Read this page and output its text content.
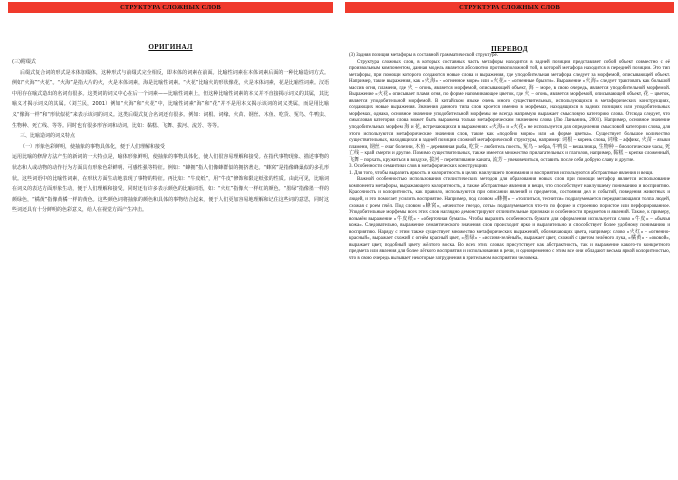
СТРУКТУРА СЛОЖНЫХ СЛОВ
ОРИГИНАЛ

(三)附缀式

后缀式复合词的形式是本体加缀体，这种形式与前缀式完全相反，即本体的词素在前面。比喻性词素在本体词素后面的一种比喻造词方式。例如“火海”“火花”。“火海”是指大片的火，火是本体词素，海是比喻性词素。“火花”比喻火的形状像花，火是本体词素，花是比喻性词素。汉语中用存在喻式造出的名词有很多。这类词的词义中心在后一个词素——比喻性词素上，但这种比喻性词素的本义并不直接揭示词义的其属，其比喻义才揭示词义的其属。（刘兰民，2001）例如“火海”和“火花”中，比喻性词素“海”和“花”并不是用本义揭示该词的词义类属，而是用比喻义“像海一样”和“形状似花”来表示该词的词义。这类后缀式复合名词还有很多。例如：词根、词缘、火苗、钢丝、木鱼、吃货、冤鸟、牛鸭虫、生物种、死亡线、等等。同时也有很多形容词和动词，比如：黏糕、飞舞、拔河、流芳、等等。

三、比喻造词的词义特点

（一）形象色彩鲜明，使抽象的事物具体化，便于人们理解和接受

运用比喻的修辞方法产生的新词的一大特点是，喻体形象鲜明，使抽象的事物具体化，使人们很容易理解和接受。在指代事物现象、描述事物的状态和人或动物的动作行为方面具有形象色彩鲜明、可感性强等特征。例如：“蜂拥”指人们像蜂群似的拥挤著走。“蜂窝”是指像蜂巢似的多孔形状。这些词语中的比喻性词素，在形状方面生动地表现了事物的特征。再比如：“牛皮纸”，用“牛皮”修饰和限定纸张的性质。由此可见，比喻词在词义的表达方面形象生动，便于人们理解和接受。同时还有许多表示颜色的比喻词语，如：“火红”指像火一样红的颜色。“墨绿”指像墨一样的颜绿色，“橘黄”指像黄橘一样的黄色。这些颜色词将抽象的颜色和具体的事物结合起来，便于人们更加容易地理解和记住这些词的意思，同时这些词还具有十分鲜明的色彩意义，给人在视觉方面产生冲击。

СТРУКТУРА СЛОЖНЫХ СЛОВ
ПЕРЕВОД

(3) Задняя позиция метафоры в составной грамматической структуре.

Структура сложных слов, в которых составных часть метафоры находится в задней позиции представляет собой объект совместно с её произвольным компонентом, данная модель является абсолютно противоположной той, в которой метафора находится в передней позиции. Это тип метафоры, при помощи которого создаются новые слова и выражения, где уподобительная метафора следует за морфемой, описывающей объект. Например, такие выражения, как «火海» - «огненное море» или «火花» - «огненные брызги». Выражение «火海» следует трактовать как большой массив огня, пламени, где 火 – огонь, является морфемой, описывающей объект, 海 – море, в свою очередь, является уподобительной морфемой. Выражение «火花» описывает пламя огня, по форме напоминающее цветок, где 火 – огонь, является морфемой, описывающей объект, 花 – цветок, является уподобительной морфемой. В китайском языке очень много существительных, использующихся в метафорических конструкциях, создающих новые выражения. Значения данного типа слов кроется именно в морфемах, находящихся в задних позициях или уподобительных морфемах, однако, основное значение уподобительной морфемы не всегда напрямую выражает смысловую категорию слова. Отсюда следует, что смысловая категория слова может быть выражена только метафорическим значением слова (Лю Ланьминь, 2001). Например, основное значение уподобительных морфем 海 и 花, встречающихся в выражениях «火海» и «火花» не используется для определения смысловой категории слова, для этого используются метафорические значения слов, такие как «подобно морю» или «в форме цветка». Существует большое количество существительных, находящихся в задней позиции сложной метафорической структуры, например: 词根 – корень слова, 词缘 – аффикс, 火苗 – языки пламени, 钢丝 – очаг болезни, 木鱼 – деревянная рыба, 吃货 – любитель поесть, 冤鸟 – зебра, 牛鸭虫 – вешалница, 生物种 – биологические часы, 死亡线 – край смерти и другие. Помимо существительных, также имеется множество прилагательных и глаголов, например, 黏糕 – крепко сложенный, 飞舞 – порхать, кружиться в воздухе, 拔河 – перетягивание каната, 流芳 – увековечиться, оставить после себя добрую славу и другие.

3. Особенности семантики слов в метафорических конструкциях

1. Для того, чтобы выразить яркость и колоритность в целях наилучшего понимания и восприятия используются абстрактные явления и вещи.

Важной особенностью использования стилистических методов для образования новых слов при помощи метафор является использование компонента метафоры, выражающего колоритность, а также абстрактные явления и вещи, что способствует наилучшему пониманию и восприятию. Красочность и колоритность, как правило, используются при описании явлений и предметов, состояния дел и событий, поведения животных и людей, и это помогает усилить восприятие. Например, под словом «蜂拥» – «толпиться, теснится» подразумевается передвигающаяся толпа людей, схожая с роем пчёл. Под словом «蜂窝», «ячеистое гнездо, соты» подразумевается что-то по форме и строению пористое или перфорированное. Уподобительные морфемы всех этих слов наглядно демонстрируют отличительные признаки и особенности предметов и явлений. Также, к примеру, возьмём выражение «牛皮纸» - «оберточная бумага». Чтобы выразить особенность бумаги для оформления используется слово «牛皮» – «бычья кожа». Следовательно, выражение семантического значения слов происходит ярко и выразительно и способствует более удобному пониманию и восприятию. Наряду с этим также существует множество метафорических выражений, обозначающих цвета, например: слово «火红» - «огненно-красный», выражает схожий с огнём красный цвет, «墨绿» - «иссиня-зелёный», выражает цвет, схожий с цветом зелёного лука, «橘黄» - «оковой», выражает цвет, подобный цвету жёлтого воска. Во всех этих словах присутствует как абстрактность, так и выражение какого-то конкретного предмета или явления для более лёгкого восприятия и использования в речи, и одновременно с этим все они обладают весьма яркой колоритностью, что в свою очередь вызывает некоторые затруднения в зрительном восприятии человека.
